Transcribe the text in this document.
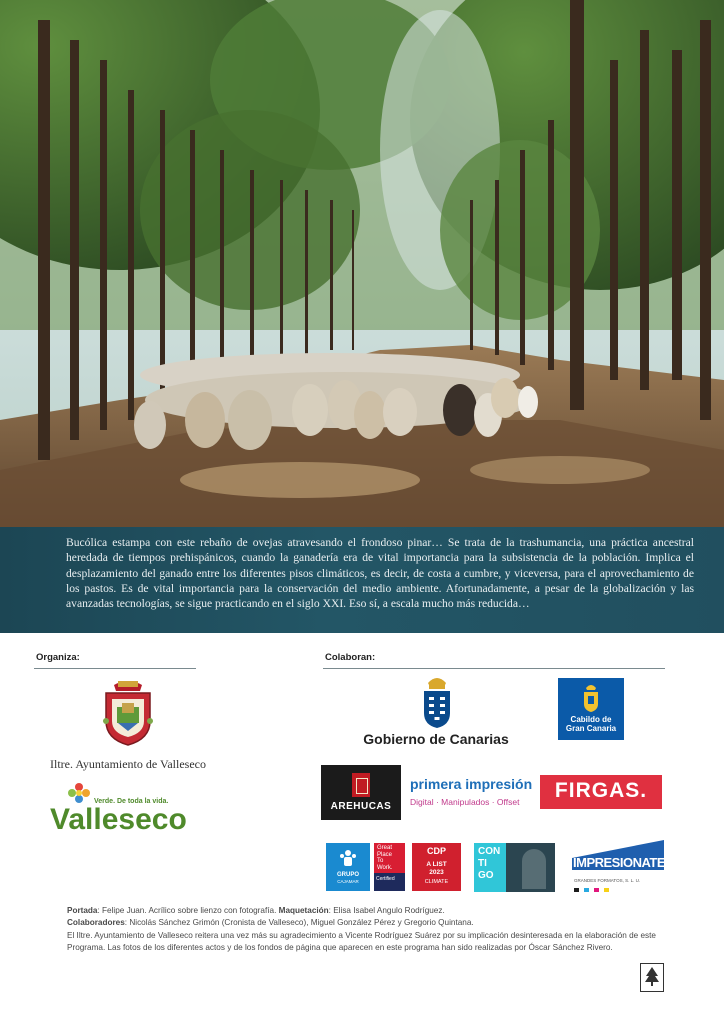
Bucólica estampa con este rebaño de ovejas atravesando el frondoso pinar… Se trata de la trashumancia, una práctica ancestral heredada de tiempos prehispánicos, cuando la ganadería era de vital importancia para la subsistencia de la población. Implica el desplazamiento del ganado entre los diferentes pisos climáticos, es decir, de costa a cumbre, y viceversa, para el aprovechamiento de los pastos. Es de vital importancia para la conservación del medio ambiente. Afortunadamente, a pesar de la globalización y las avanzadas tecnologías, se sigue practicando en el siglo XXI. Eso sí, a escala mucho más reducida…
Organiza:
Iltre. Ayuntamiento de Valleseco
Verde. De toda la vida.
Valleseco
Colaboran:
Gobierno de Canarias
Cabildo de
Gran Canaria
AREHUCAS
primera impresión
Digital · Manipulados · Offset	FIRGAS.
GRUPO
CAJAMAR
Great
Place
To
Work.
Certified
CDP
A LIST
2023
CLIMATE
CON
TI
GO
IMPRESIONATE
GRANDES FORMATOS, S. L. U.
Portada: Felipe Juan. Acrílico sobre lienzo con fotografía. Maquetación: Elisa Isabel Angulo Rodríguez.
Colaboradores: Nicolás Sánchez Grimón (Cronista de Valleseco), Miguel González Pérez y Gregorio Quintana.
El Iltre. Ayuntamiento de Valleseco reitera una vez más su agradecimiento a Vicente Rodríguez Suárez por su implicación desinteresada en la elaboración de este Programa. Las fotos de los diferentes actos y de los fondos de página que aparecen en este programa han sido realizadas por Óscar Sánchez Rivero.
